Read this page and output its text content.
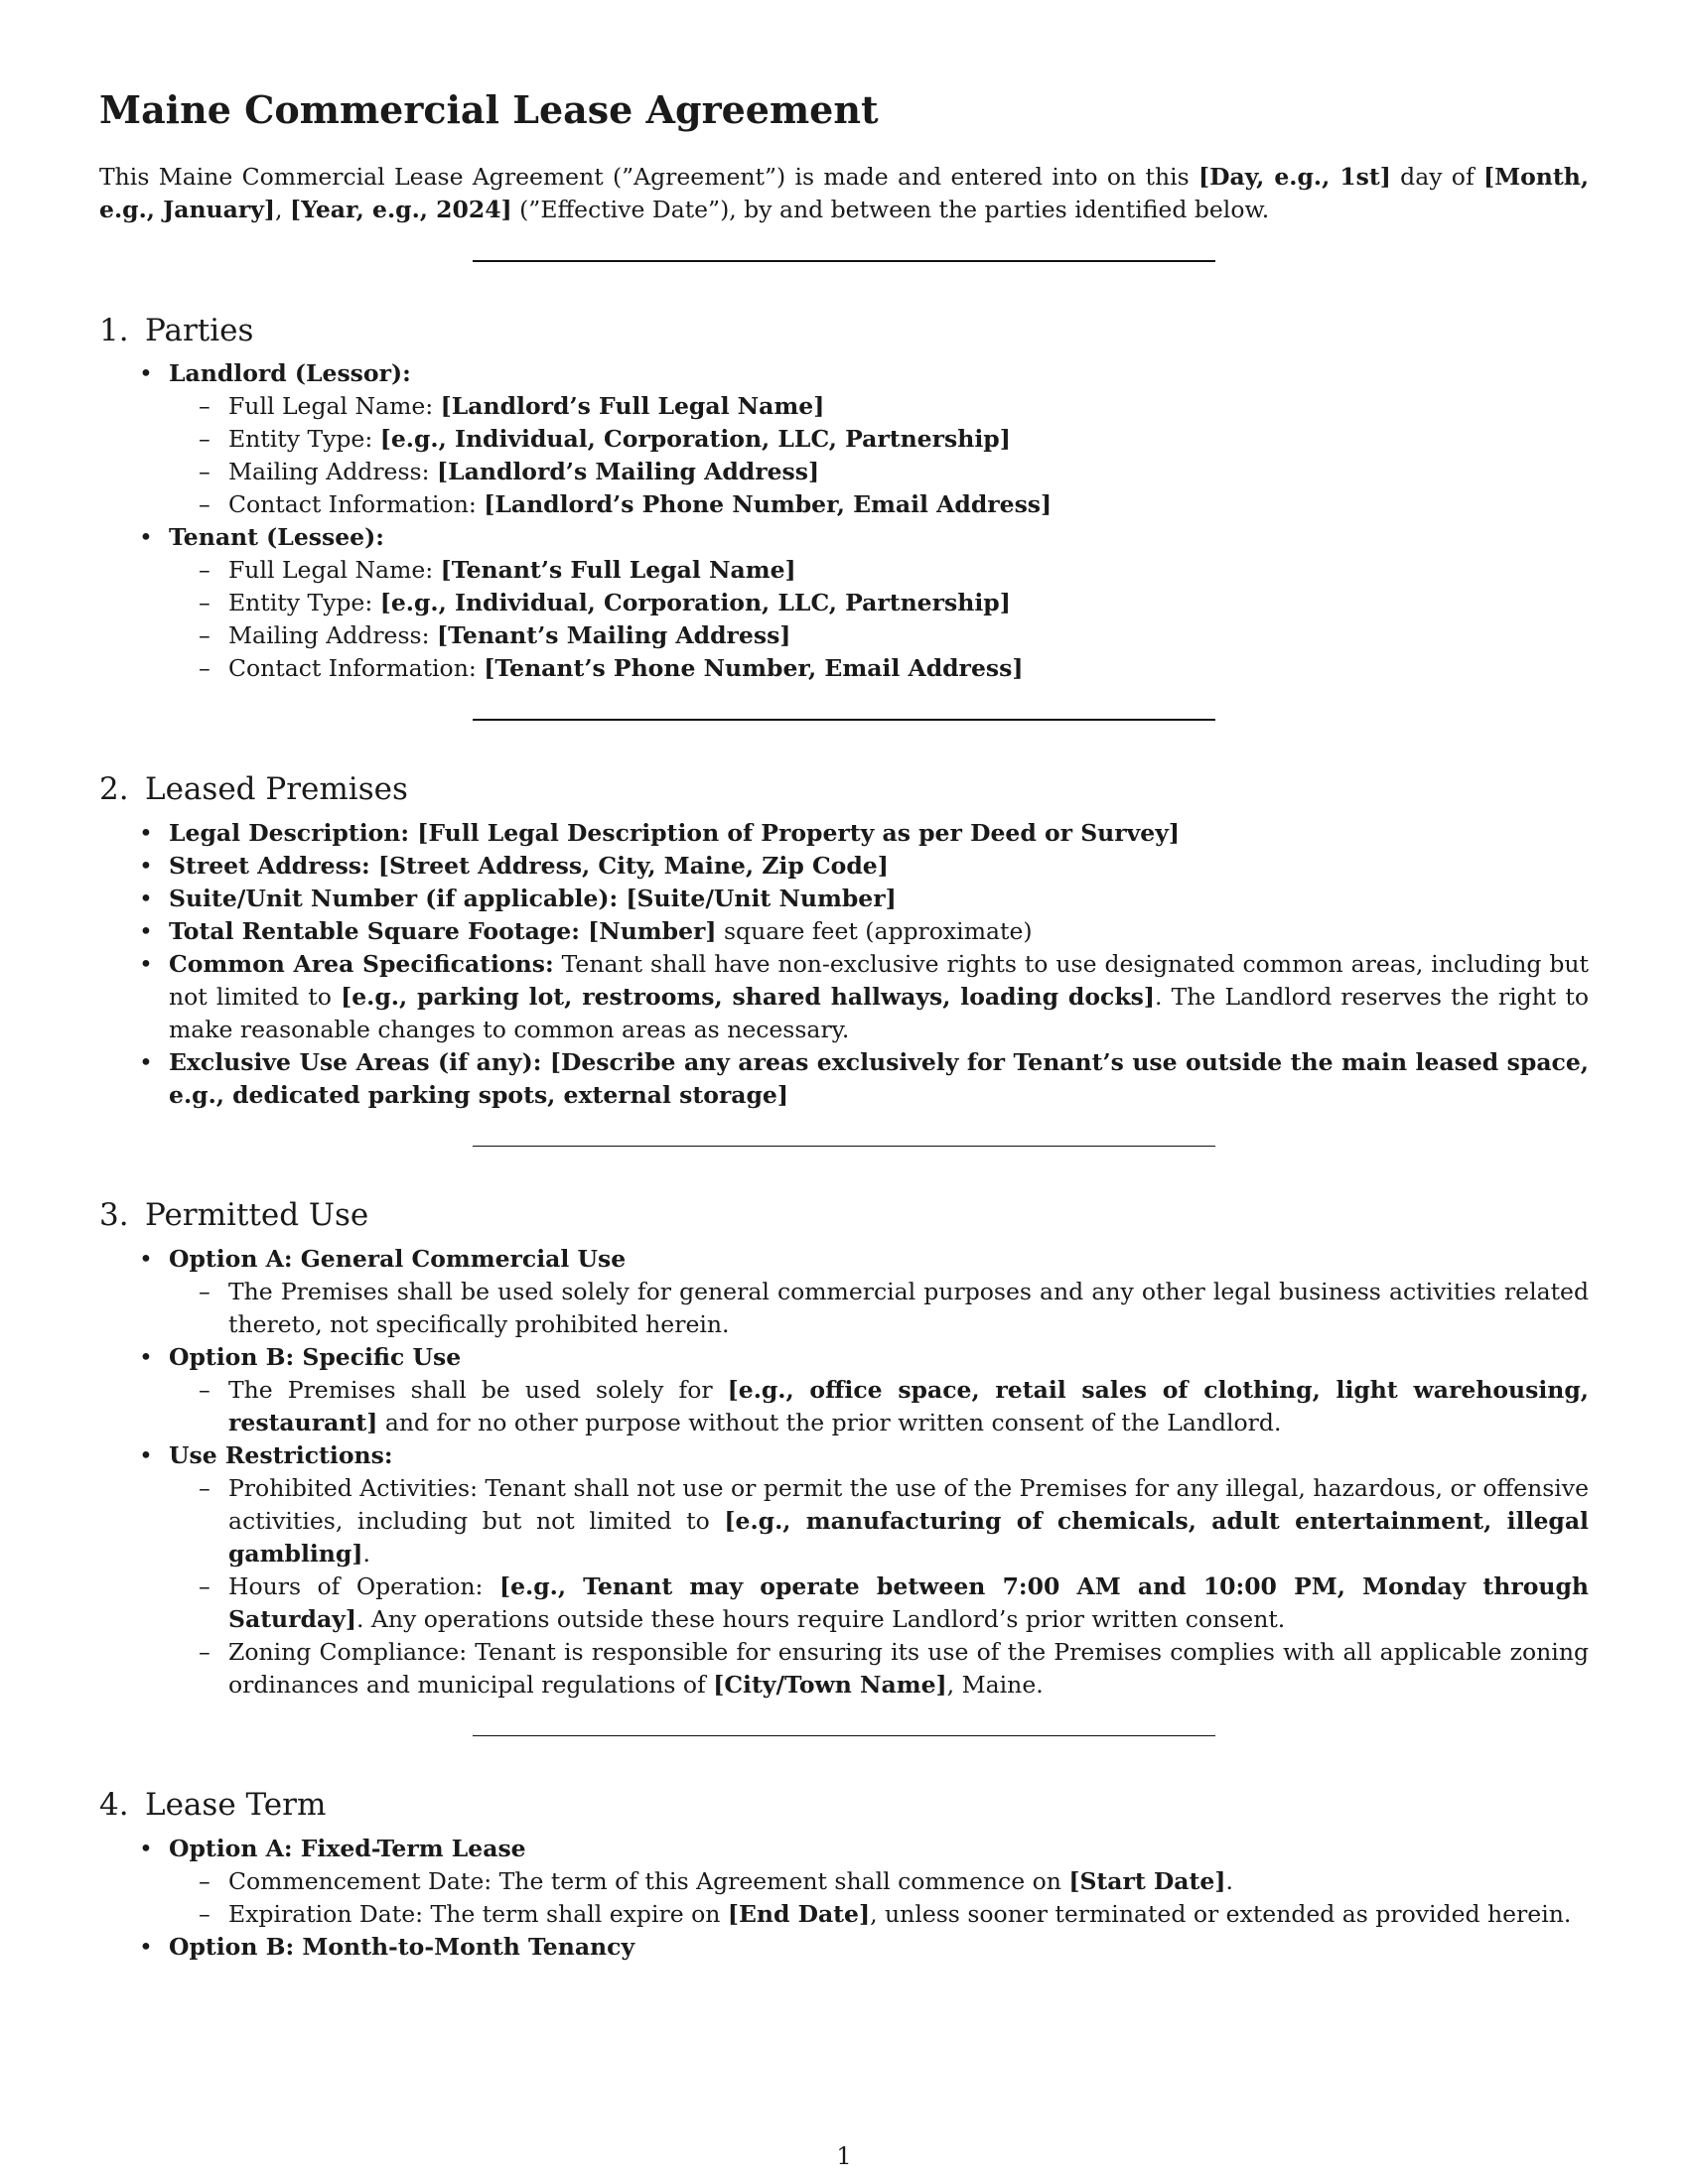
Maine Commercial Lease Agreement

This Maine Commercial Lease Agreement (”Agreement”) is made and entered into on this [Day, e.g., 1st] day of [Month, e.g., January], [Year, e.g., 2024] (”Effective Date”), by and between the parties identified below.

1. Parties
• Landlord (Lessor):
– Full Legal Name: [Landlord’s Full Legal Name]
– Entity Type: [e.g., Individual, Corporation, LLC, Partnership]
– Mailing Address: [Landlord’s Mailing Address]
– Contact Information: [Landlord’s Phone Number, Email Address]
• Tenant (Lessee):
– Full Legal Name: [Tenant’s Full Legal Name]
– Entity Type: [e.g., Individual, Corporation, LLC, Partnership]
– Mailing Address: [Tenant’s Mailing Address]
– Contact Information: [Tenant’s Phone Number, Email Address]
2. Leased Premises
• Legal Description: [Full Legal Description of Property as per Deed or Survey]
• Street Address: [Street Address, City, Maine, Zip Code]
• Suite/Unit Number (if applicable): [Suite/Unit Number]
• Total Rentable Square Footage: [Number] square feet (approximate)
• Common Area Specifications: Tenant shall have non-exclusive rights to use designated common areas, including but not limited to [e.g., parking lot, restrooms, shared hallways, loading docks]. The Landlord reserves the right to make reasonable changes to common areas as necessary.
• Exclusive Use Areas (if any): [Describe any areas exclusively for Tenant’s use outside the main leased space, e.g., dedicated parking spots, external storage]
3. Permitted Use
• Option A: General Commercial Use
– The Premises shall be used solely for general commercial purposes and any other legal business activities related thereto, not specifically prohibited herein.
• Option B: Specific Use
– The Premises shall be used solely for [e.g., office space, retail sales of clothing, light warehousing, restaurant] and for no other purpose without the prior written consent of the Landlord.
• Use Restrictions:
– Prohibited Activities: Tenant shall not use or permit the use of the Premises for any illegal, hazardous, or offensive activities, including but not limited to [e.g., manufacturing of chemicals, adult entertainment, illegal gambling].
– Hours of Operation: [e.g., Tenant may operate between 7:00 AM and 10:00 PM, Monday through Saturday]. Any operations outside these hours require Landlord’s prior written consent.
– Zoning Compliance: Tenant is responsible for ensuring its use of the Premises complies with all applicable zoning ordinances and municipal regulations of [City/Town Name], Maine.
4. Lease Term
• Option A: Fixed-Term Lease
– Commencement Date: The term of this Agreement shall commence on [Start Date].
– Expiration Date: The term shall expire on [End Date], unless sooner terminated or extended as provided herein.
• Option B: Month-to-Month Tenancy
1
